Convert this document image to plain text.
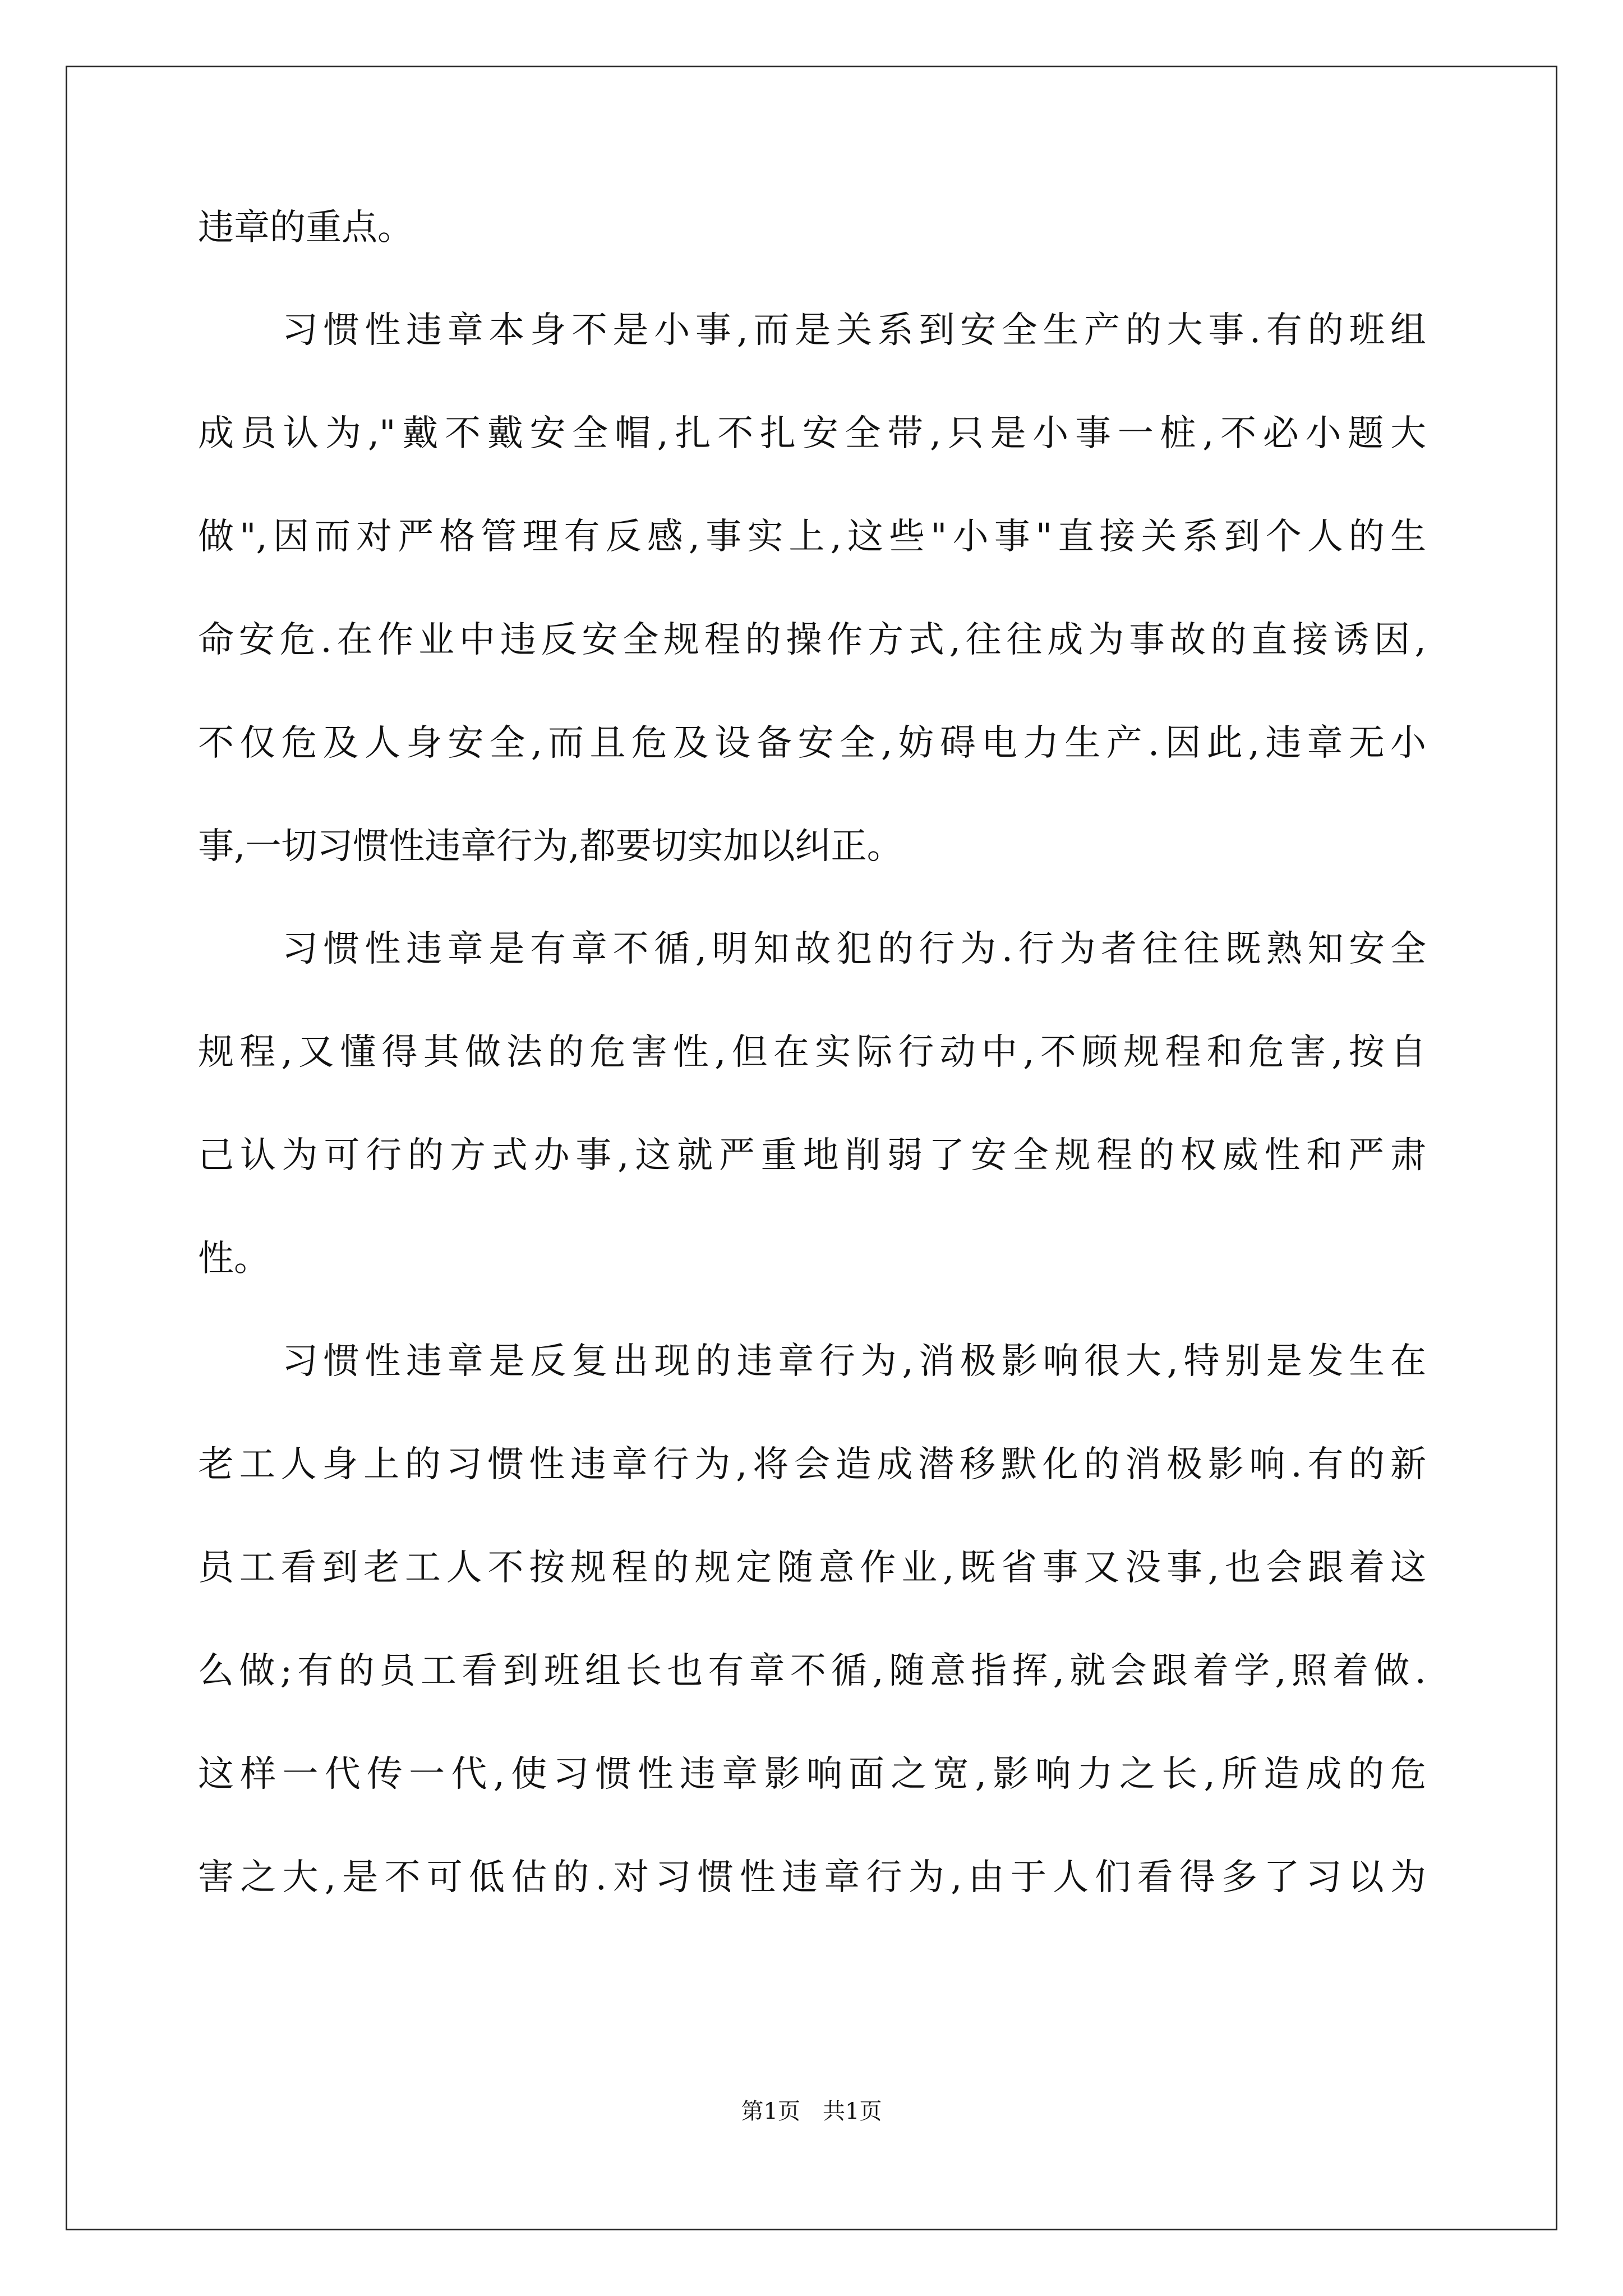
违章的重点。
习惯性违章本身不是小事,而是关系到安全生产的大事.有的班组
成员认为,"戴不戴安全帽,扎不扎安全带,只是小事一桩,不必小题大
做",因而对严格管理有反感,事实上,这些"小事"直接关系到个人的生
命安危.在作业中违反安全规程的操作方式,往往成为事故的直接诱因,
不仅危及人身安全,而且危及设备安全,妨碍电力生产.因此,违章无小
事,一切习惯性违章行为,都要切实加以纠正。
习惯性违章是有章不循,明知故犯的行为.行为者往往既熟知安全
规程,又懂得其做法的危害性,但在实际行动中,不顾规程和危害,按自
己认为可行的方式办事,这就严重地削弱了安全规程的权威性和严肃
性。
习惯性违章是反复出现的违章行为,消极影响很大,特别是发生在
老工人身上的习惯性违章行为,将会造成潜移默化的消极影响.有的新
员工看到老工人不按规程的规定随意作业,既省事又没事,也会跟着这
么做;有的员工看到班组长也有章不循,随意指挥,就会跟着学,照着做.
这样一代传一代,使习惯性违章影响面之宽,影响力之长,所造成的危
害之大,是不可低估的.对习惯性违章行为,由于人们看得多了习以为
第1页　共1页
